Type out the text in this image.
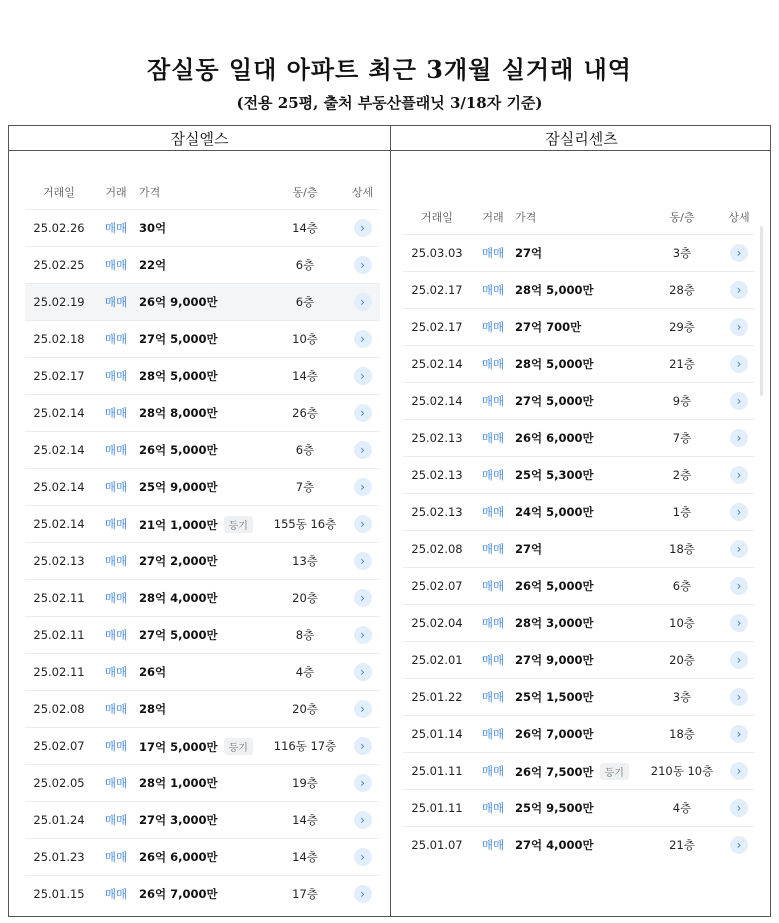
잠실동 일대 아파트 최근 3개월 실거래 내역
(전용 25평, 출처 부동산플래닛 3/18자 기준)
잠실엘스	잠실리센츠
거래일	거래	가격	동/층	상세
25.02.26	매매	30억	14층	›
25.02.25	매매	22억	6층	›
25.02.19	매매	26억 9,000만	6층	›
25.02.18	매매	27억 5,000만	10층	›
25.02.17	매매	28억 5,000만	14층	›
25.02.14	매매	28억 8,000만	26층	›
25.02.14	매매	26억 5,000만	6층	›
25.02.14	매매	25억 9,000만	7층	›
25.02.14	매매	21억 1,000만 등기	155동 16층	›
25.02.13	매매	27억 2,000만	13층	›
25.02.11	매매	28억 4,000만	20층	›
25.02.11	매매	27억 5,000만	8층	›
25.02.11	매매	26억	4층	›
25.02.08	매매	28억	20층	›
25.02.07	매매	17억 5,000만 등기	116동 17층	›
25.02.05	매매	28억 1,000만	19층	›
25.01.24	매매	27억 3,000만	14층	›
25.01.23	매매	26억 6,000만	14층	›
25.01.15	매매	26억 7,000만	17층	›
거래일	거래	가격	동/층	상세
25.03.03	매매 27억	3층	›
25.02.17	매매 28억 5,000만	28층	›
25.02.17	매매 27억 700만	29층	›
25.02.14	매매 28억 5,000만	21층	›
25.02.14	매매 27억 5,000만	9층	›
25.02.13	매매 26억 6,000만	7층	›
25.02.13	매매 25억 5,300만	2층	›
25.02.13	매매 24억 5,000만	1층	›
25.02.08	매매 27억	18층	›
25.02.07	매매 26억 5,000만	6층	›
25.02.04	매매 28억 3,000만	10층	›
25.02.01	매매 27억 9,000만	20층	›
25.01.22	매매 25억 1,500만	3층	›
25.01.14	매매 26억 7,000만	18층	›
25.01.11	매매 26억 7,500만 등기	210동 10층	›
25.01.11	매매 25억 9,500만	4층	›
25.01.07	매매 27억 4,000만	21층	›
